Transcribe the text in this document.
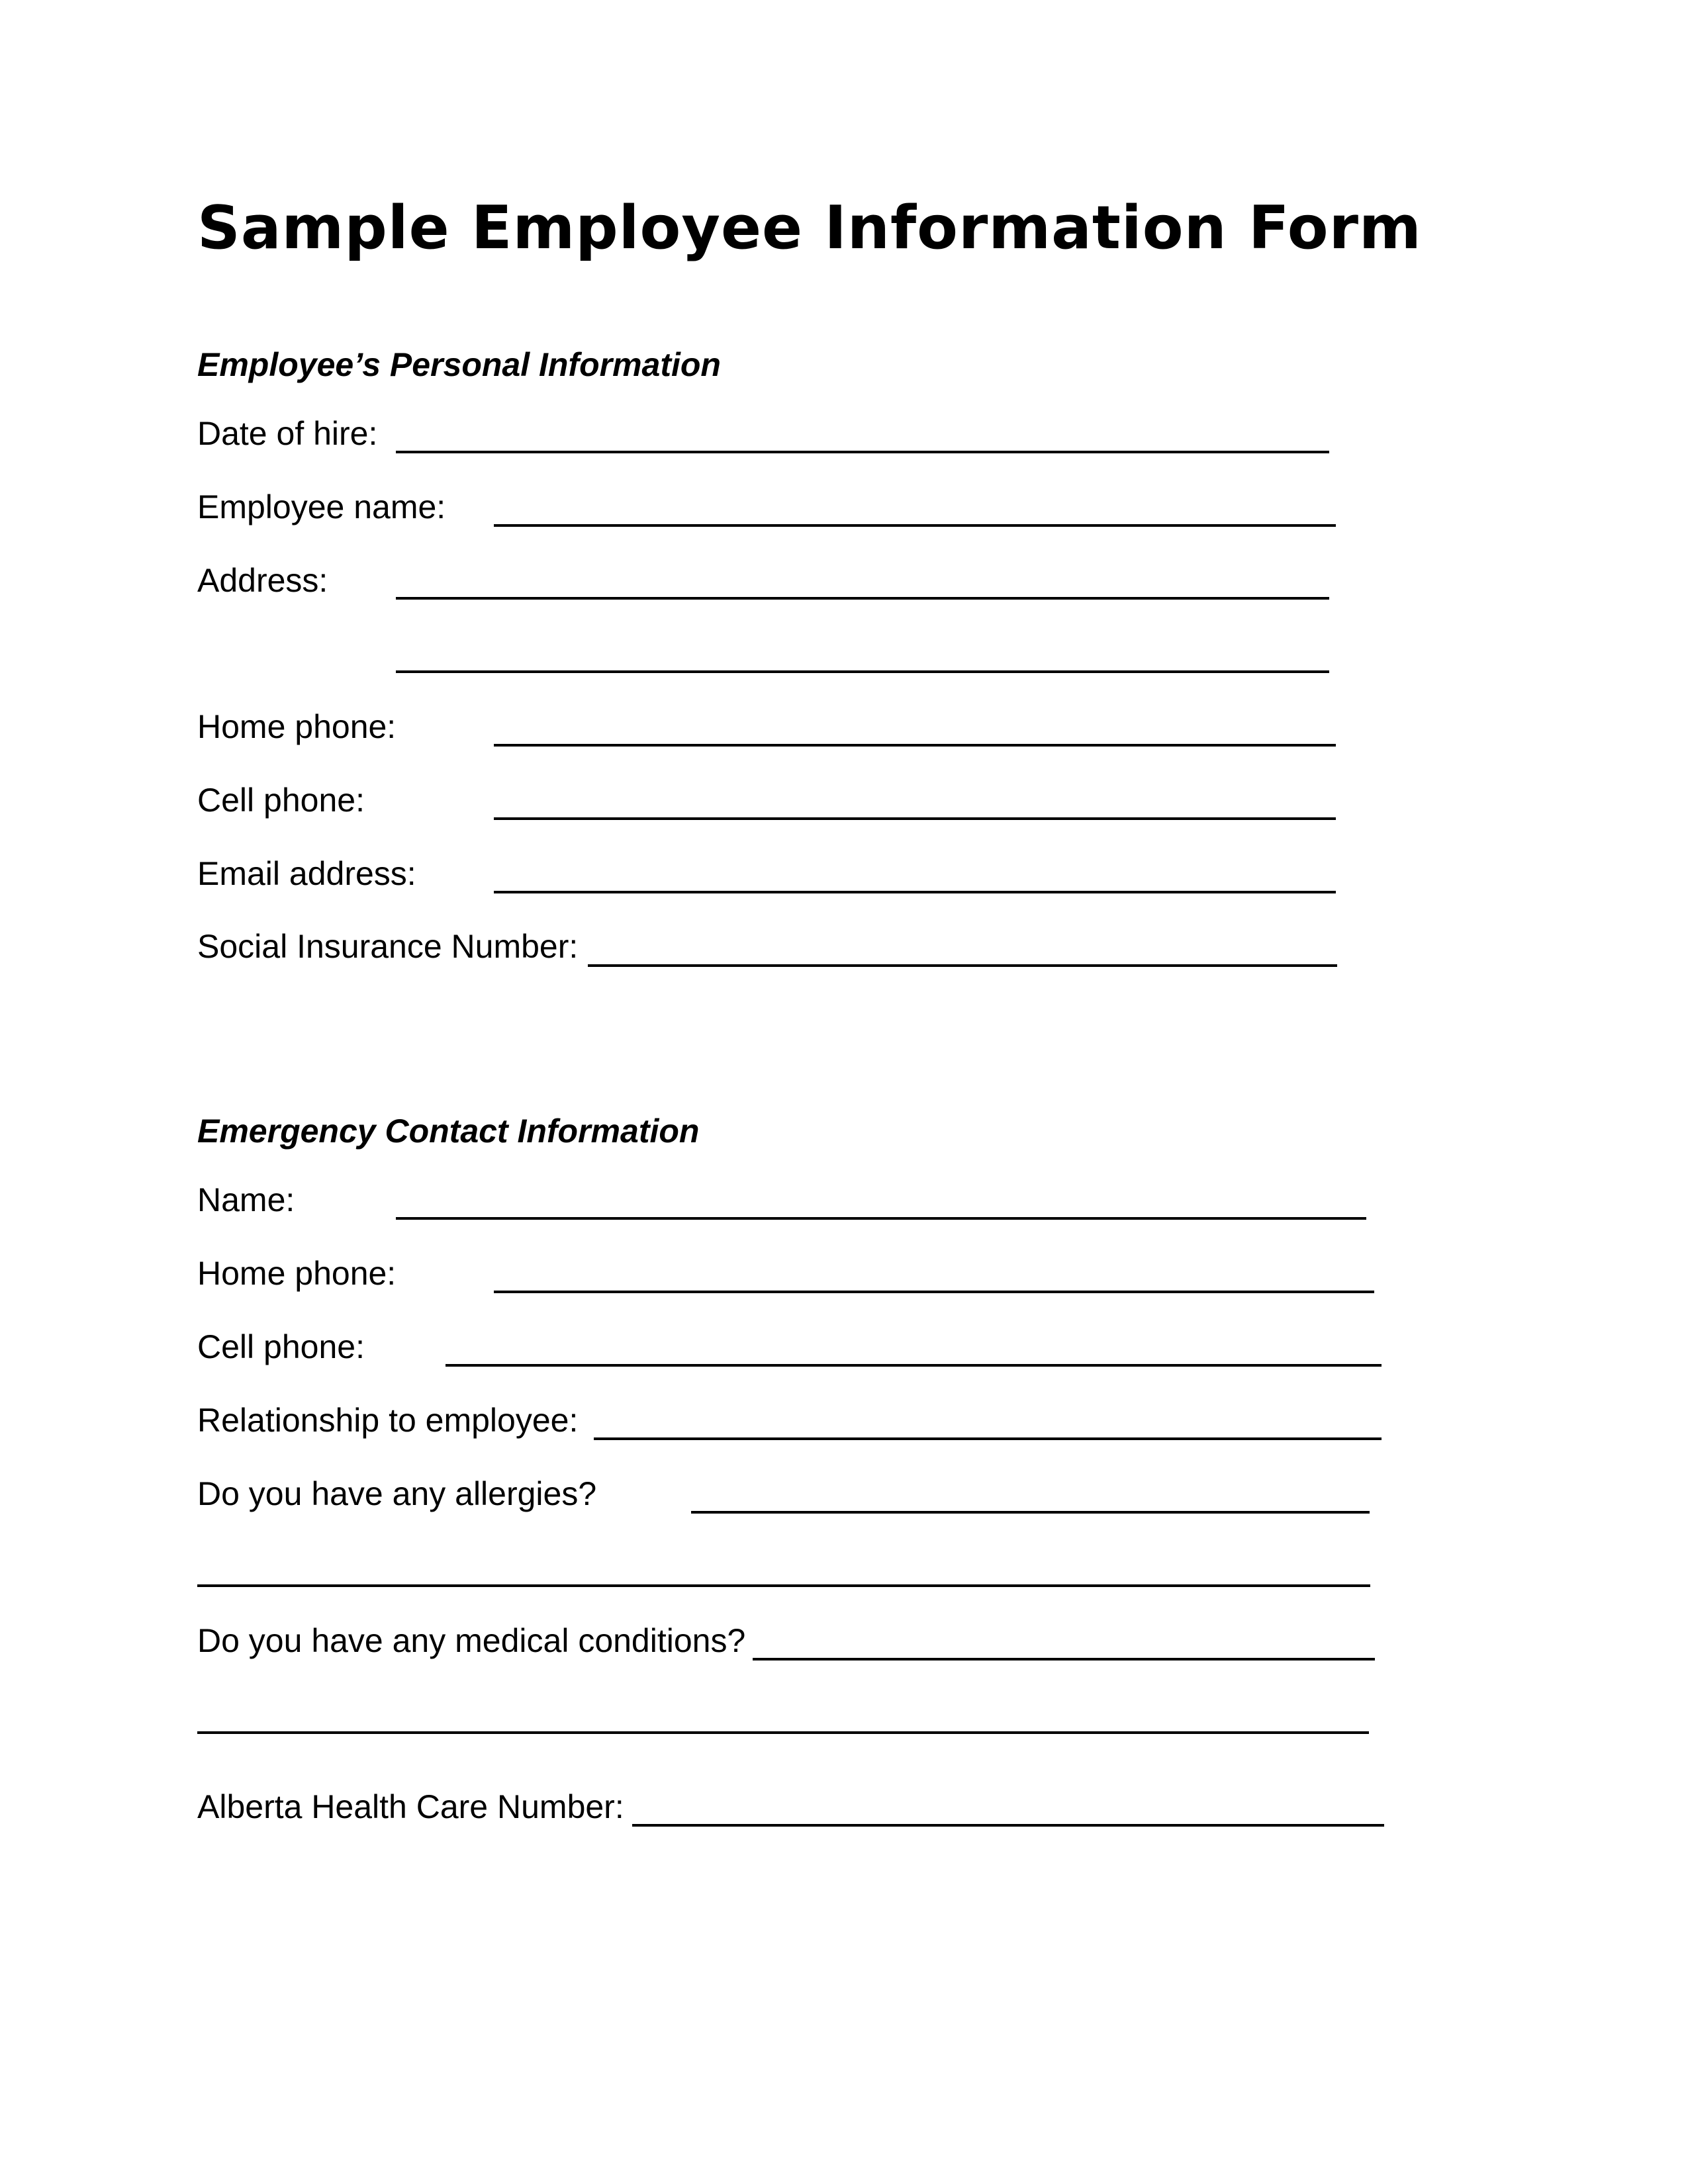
Sample Employee Information Form
Employee’s Personal Information
Date of hire:
Employee name:
Address:
Home phone:
Cell phone:
Email address:
Social Insurance Number:
Emergency Contact Information
Name:
Home phone:
Cell phone:
Relationship to employee:
Do you have any allergies?
Do you have any medical conditions?
Alberta Health Care Number:
